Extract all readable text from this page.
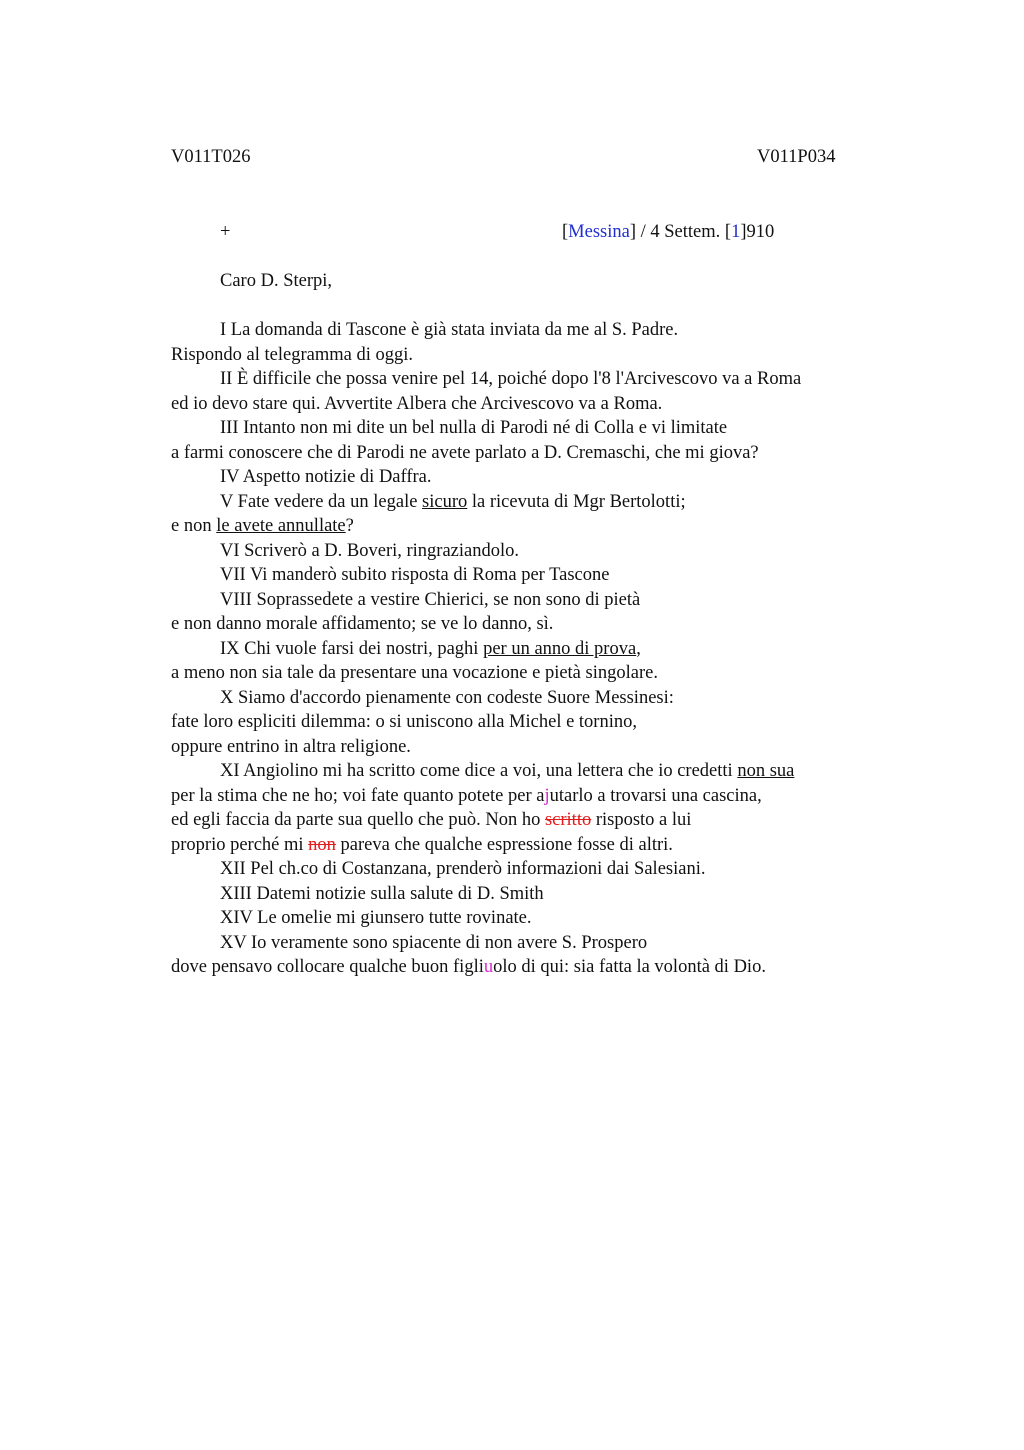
V011T026	V011P034
+	[Messina] / 4 Settem. [1]910
Caro D. Sterpi,
I La domanda di Tascone è già stata inviata da me al S. Padre.
Rispondo al telegramma di oggi.
II È difficile che possa venire pel 14, poiché dopo l'8 l'Arcivescovo va a Roma
ed io devo stare qui. Avvertite Albera che Arcivescovo va a Roma.
III Intanto non mi dite un bel nulla di Parodi né di Colla e vi limitate
a farmi conoscere che di Parodi ne avete parlato a D. Cremaschi, che mi giova?
IV Aspetto notizie di Daffra.
V Fate vedere da un legale sicuro la ricevuta di Mgr Bertolotti;
e non le avete annullate?
VI Scriverò a D. Boveri, ringraziandolo.
VII Vi manderò subito risposta di Roma per Tascone
VIII Soprassedete a vestire Chierici, se non sono di pietà
e non danno morale affidamento; se ve lo danno, sì.
IX Chi vuole farsi dei nostri, paghi per un anno di prova,
a meno non sia tale da presentare una vocazione e pietà singolare.
X Siamo d'accordo pienamente con codeste Suore Messinesi:
fate loro espliciti dilemma: o si uniscono alla Michel e tornino,
oppure entrino in altra religione.
XI Angiolino mi ha scritto come dice a voi, una lettera che io credetti non sua
per la stima che ne ho; voi fate quanto potete per ajutarlo a trovarsi una cascina,
ed egli faccia da parte sua quello che può. Non ho scritto risposto a lui
proprio perché mi non pareva che qualche espressione fosse di altri.
XII Pel ch.co di Costanzana, prenderò informazioni dai Salesiani.
XIII Datemi notizie sulla salute di D. Smith
XIV Le omelie mi giunsero tutte rovinate.
XV Io veramente sono spiacente di non avere S. Prospero
dove pensavo collocare qualche buon figliuolo di qui: sia fatta la volontà di Dio.
